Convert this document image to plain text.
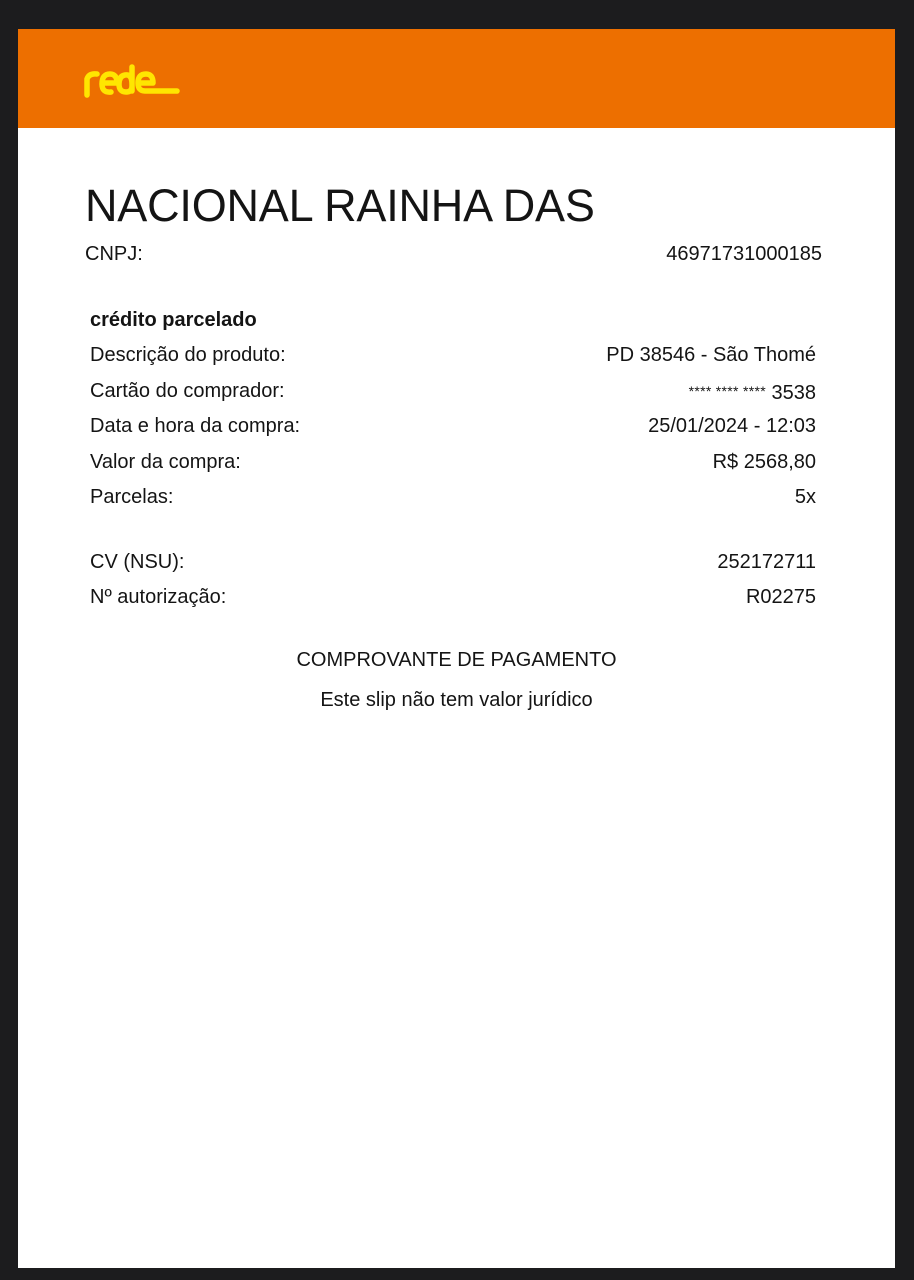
NACIONAL RAINHA DAS
CNPJ:	46971731000185
crédito parcelado
Descrição do produto:	PD 38546 - São Thomé
Cartão do comprador:	**** **** **** 3538
Data e hora da compra:	25/01/2024 - 12:03
Valor da compra:	R$ 2568,80
Parcelas:	5x
CV (NSU):	252172711
Nº autorização:	R02275
COMPROVANTE DE PAGAMENTO
Este slip não tem valor jurídico
